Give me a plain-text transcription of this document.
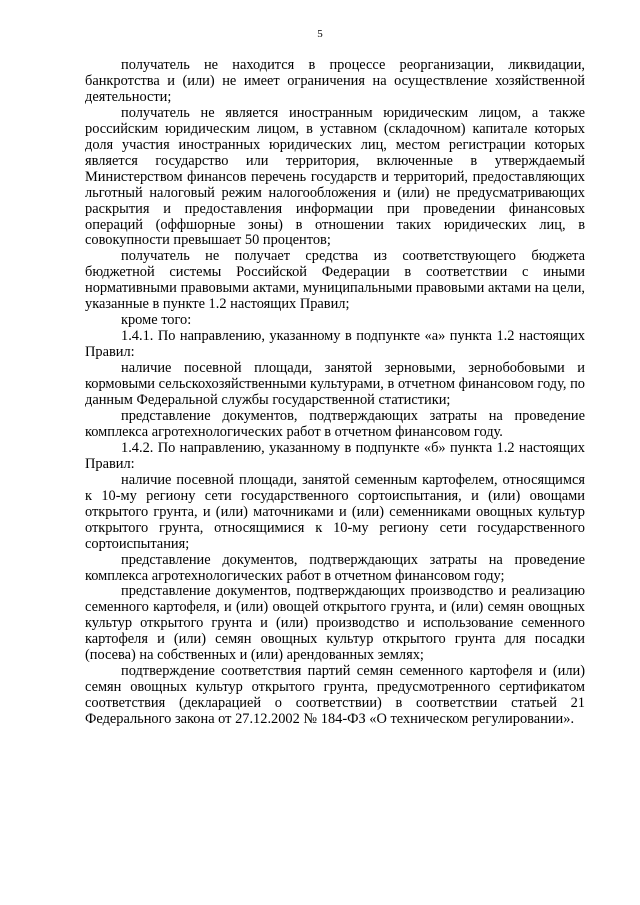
5

получатель не находится в процессе реорганизации, ликвидации, банкротства и (или) не имеет ограничения на осуществление хозяйственной деятельности;

получатель не является иностранным юридическим лицом, а также российским юридическим лицом, в уставном (складочном) капитале которых доля участия иностранных юридических лиц, местом регистрации которых является государство или территория, включенные в утверждаемый Министерством финансов перечень государств и территорий, предоставляющих льготный налоговый режим налогообложения и (или) не предусматривающих раскрытия и предоставления информации при проведении финансовых операций (оффшорные зоны) в отношении таких юридических лиц, в совокупности превышает 50 процентов;

получатель не получает средства из соответствующего бюджета бюджетной системы Российской Федерации в соответствии с иными нормативными правовыми актами, муниципальными правовыми актами на цели, указанные в пункте 1.2 настоящих Правил;

кроме того:

1.4.1. По направлению, указанному в подпункте «а» пункта 1.2 настоящих Правил:

наличие посевной площади, занятой зерновыми, зернобобовыми и кормовыми сельскохозяйственными культурами, в отчетном финансовом году, по данным Федеральной службы государственной статистики;

представление документов, подтверждающих затраты на проведение комплекса агротехнологических работ в отчетном финансовом году.

1.4.2. По направлению, указанному в подпункте «б» пункта 1.2 настоящих Правил:

наличие посевной площади, занятой семенным картофелем, относящимся к 10-му региону сети государственного сортоиспытания, и (или) овощами открытого грунта, и (или) маточниками и (или) семенниками овощных культур открытого грунта, относящимися к 10-му региону сети государственного сортоиспытания;

представление документов, подтверждающих затраты на проведение комплекса агротехнологических работ в отчетном финансовом году;

представление документов, подтверждающих производство и реализацию семенного картофеля, и (или) овощей открытого грунта, и (или) семян овощных культур открытого грунта и (или) производство и использование семенного картофеля и (или) семян овощных культур открытого грунта для посадки (посева) на собственных и (или) арендованных землях;

подтверждение соответствия партий семян семенного картофеля и (или) семян овощных культур открытого грунта, предусмотренного сертификатом соответствия (декларацией о соответствии) в соответствии статьей 21 Федерального закона от 27.12.2002 № 184-ФЗ «О техническом регулировании».
